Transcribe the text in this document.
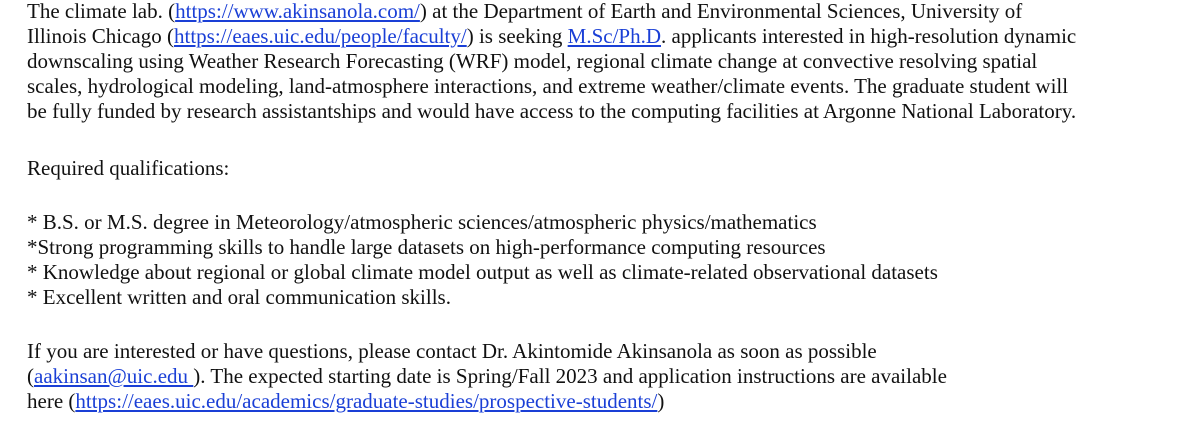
The climate lab. (https://www.akinsanola.com/) at the Department of Earth and Environmental Sciences, University of
Illinois Chicago (https://eaes.uic.edu/people/faculty/) is seeking M.Sc/Ph.D. applicants interested in high-resolution dynamic
downscaling using Weather Research Forecasting (WRF) model, regional climate change at convective resolving spatial
scales, hydrological modeling, land-atmosphere interactions, and extreme weather/climate events. The graduate student will
be fully funded by research assistantships and would have access to the computing facilities at Argonne National Laboratory.
Required qualifications:
* B.S. or M.S. degree in Meteorology/atmospheric sciences/atmospheric physics/mathematics
*Strong programming skills to handle large datasets on high-performance computing resources
* Knowledge about regional or global climate model output as well as climate-related observational datasets
* Excellent written and oral communication skills.
If you are interested or have questions, please contact Dr. Akintomide Akinsanola as soon as possible
(aakinsan@uic.edu ). The expected starting date is Spring/Fall 2023 and application instructions are available
here (https://eaes.uic.edu/academics/graduate-studies/prospective-students/)
